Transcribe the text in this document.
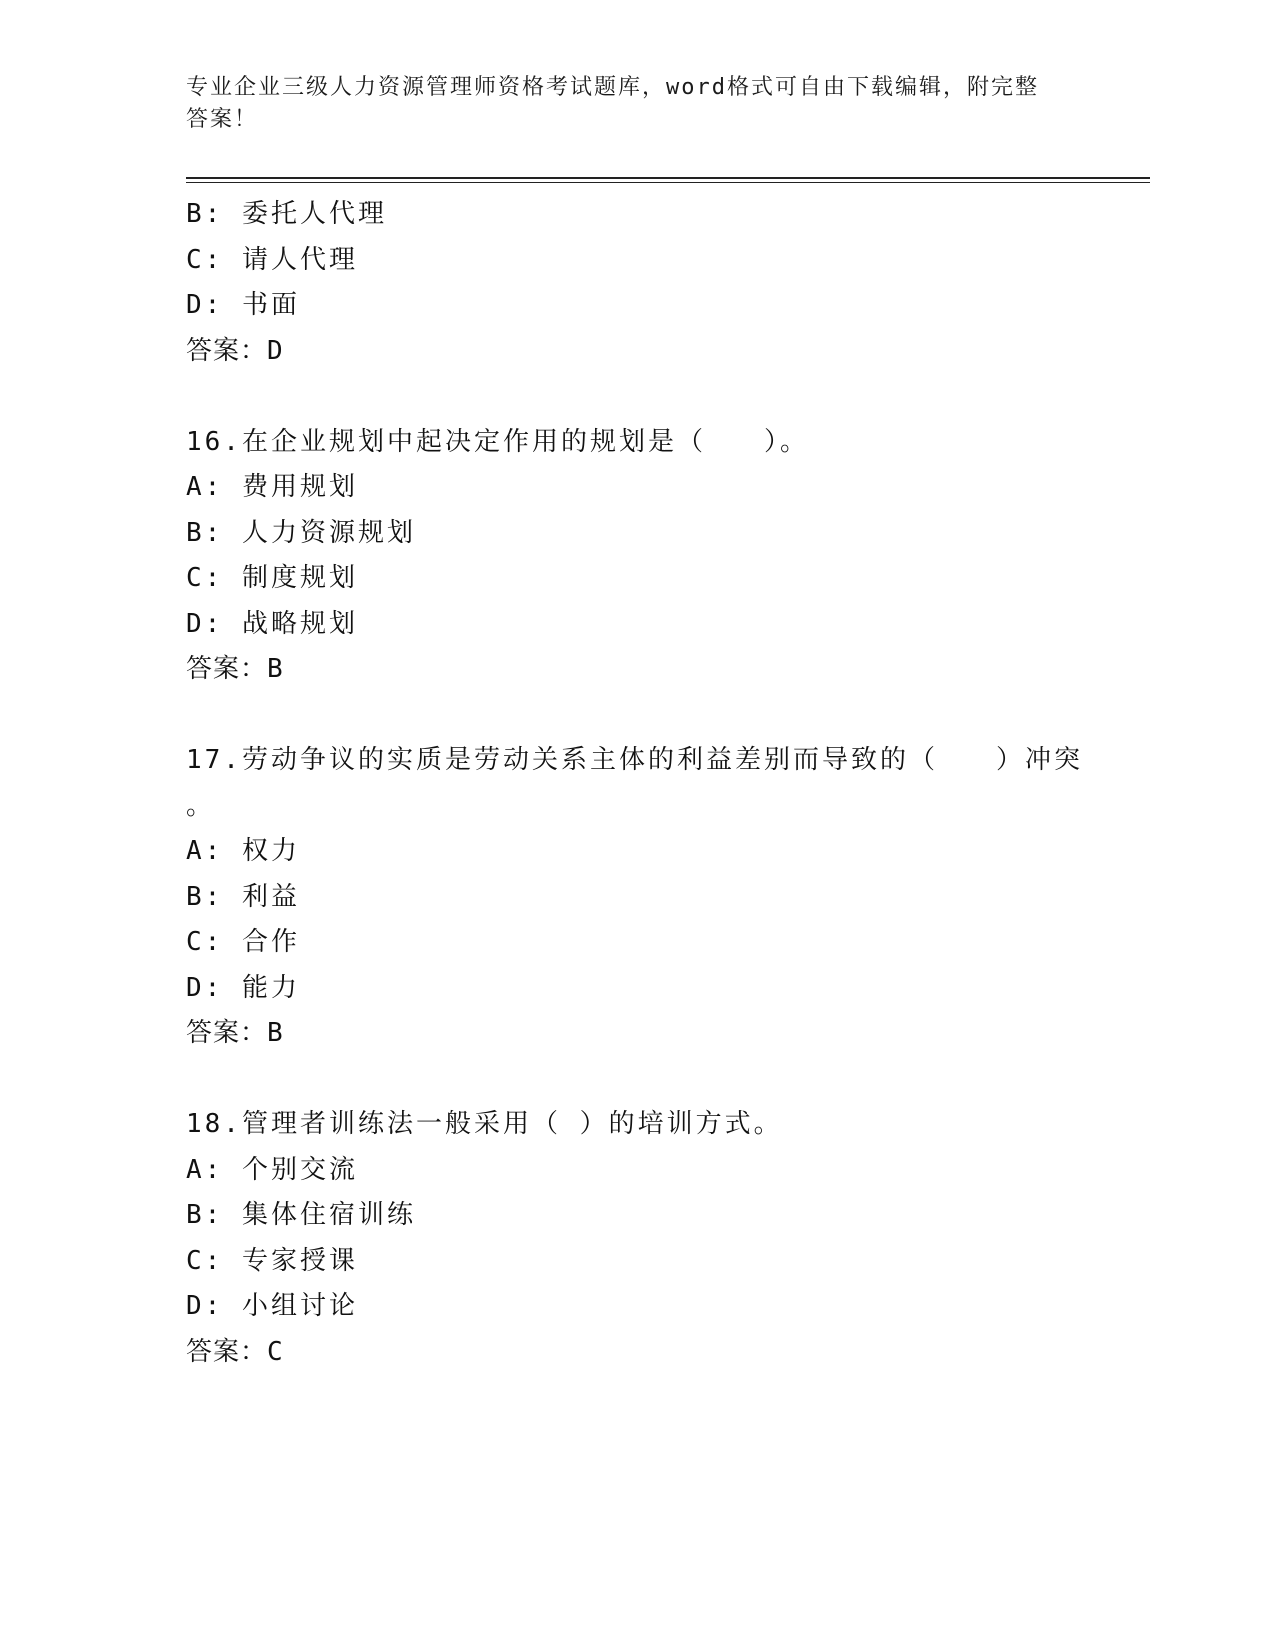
专业企业三级人力资源管理师资格考试题库，word格式可自由下载编辑，附完整
答案！
B: 委托人代理
C: 请人代理
D: 书面
答案：D
16.在企业规划中起决定作用的规划是（　　）。
A: 费用规划
B: 人力资源规划
C: 制度规划
D: 战略规划
答案：B
17.劳动争议的实质是劳动关系主体的利益差别而导致的（　　）冲突
。
A: 权力
B: 利益
C: 合作
D: 能力
答案：B
18.管理者训练法一般采用（ ）的培训方式。
A: 个别交流
B: 集体住宿训练
C: 专家授课
D: 小组讨论
答案：C
